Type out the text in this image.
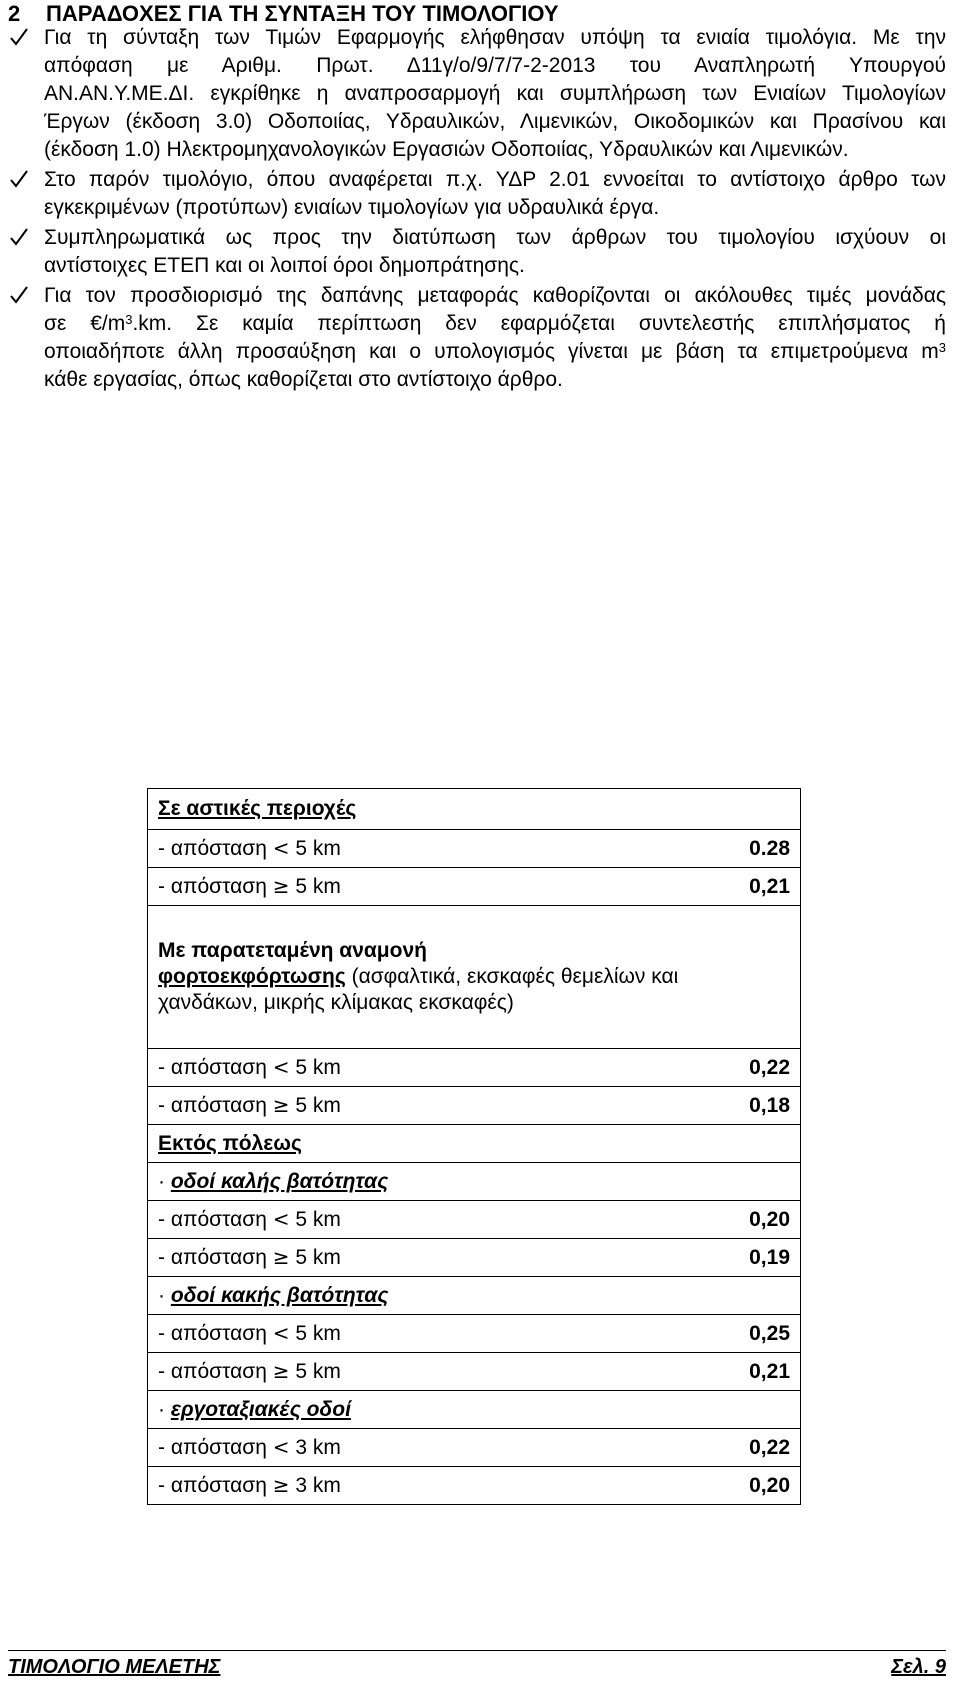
2 ΠΑΡΑΔΟΧΕΣ ΓΙΑ ΤΗ ΣΥΝΤΑΞΗ ΤΟΥ ΤΙΜΟΛΟΓΙΟΥ
Για τη σύνταξη των Τιμών Εφαρμογής ελήφθησαν υπόψη τα ενιαία τιμολόγια. Με την
απόφαση με Αριθμ. Πρωτ. Δ11γ/ο/9/7/7-2-2013 του Αναπληρωτή Υπουργού
ΑΝ.ΑΝ.Υ.ΜΕ.ΔΙ. εγκρίθηκε η αναπροσαρμογή και συμπλήρωση των Ενιαίων Τιμολογίων
Έργων (έκδοση 3.0) Οδοποιίας, Υδραυλικών, Λιμενικών, Οικοδομικών και Πρασίνου και
(έκδοση 1.0) Ηλεκτρομηχανολογικών Εργασιών Οδοποιίας, Υδραυλικών και Λιμενικών.
Στο παρόν τιμολόγιο, όπου αναφέρεται π.χ. ΥΔΡ 2.01 εννοείται το αντίστοιχο άρθρο των
εγκεκριμένων (προτύπων) ενιαίων τιμολογίων για υδραυλικά έργα.
Συμπληρωματικά ως προς την διατύπωση των άρθρων του τιμολογίου ισχύουν οι
αντίστοιχες ΕΤΕΠ και οι λοιποί όροι δημοπράτησης.
Για τον προσδιορισμό της δαπάνης μεταφοράς καθορίζονται οι ακόλουθες τιμές μονάδας
σε $€/m^3.km$. Σε καμία περίπτωση δεν εφαρμόζεται συντελεστής επιπλήσματος ή
οποιαδήποτε άλλη προσαύξηση και ο υπολογισμός γίνεται με βάση τα επιμετρούμενα $m^3$
κάθε εργασίας, όπως καθορίζεται στο αντίστοιχο άρθρο.
Σε αστικές περιοχές	
- απόσταση < 5 km	0.28
- απόσταση ≥ 5 km	0,21
Με παρατεταμένη αναμονή
φορτοεκφόρτωσης (ασφαλτικά, εκσκαφές θεμελίων και χανδάκων, μικρής κλίμακας εκσκαφές)	
- απόσταση < 5 km	0,22
- απόσταση ≥ 5 km	0,18
Εκτός πόλεως	
· οδοί καλής βατότητας	
- απόσταση < 5 km	0,20
- απόσταση ≥ 5 km	0,19
· οδοί κακής βατότητας	
- απόσταση < 5 km	0,25
- απόσταση ≥ 5 km	0,21
· εργοταξιακές οδοί	
- απόσταση < 3 km	0,22
- απόσταση ≥ 3 km	0,20
ΤΙΜΟΛΟΓΙΟ ΜΕΛΕΤΗΣ	Σελ. 9
